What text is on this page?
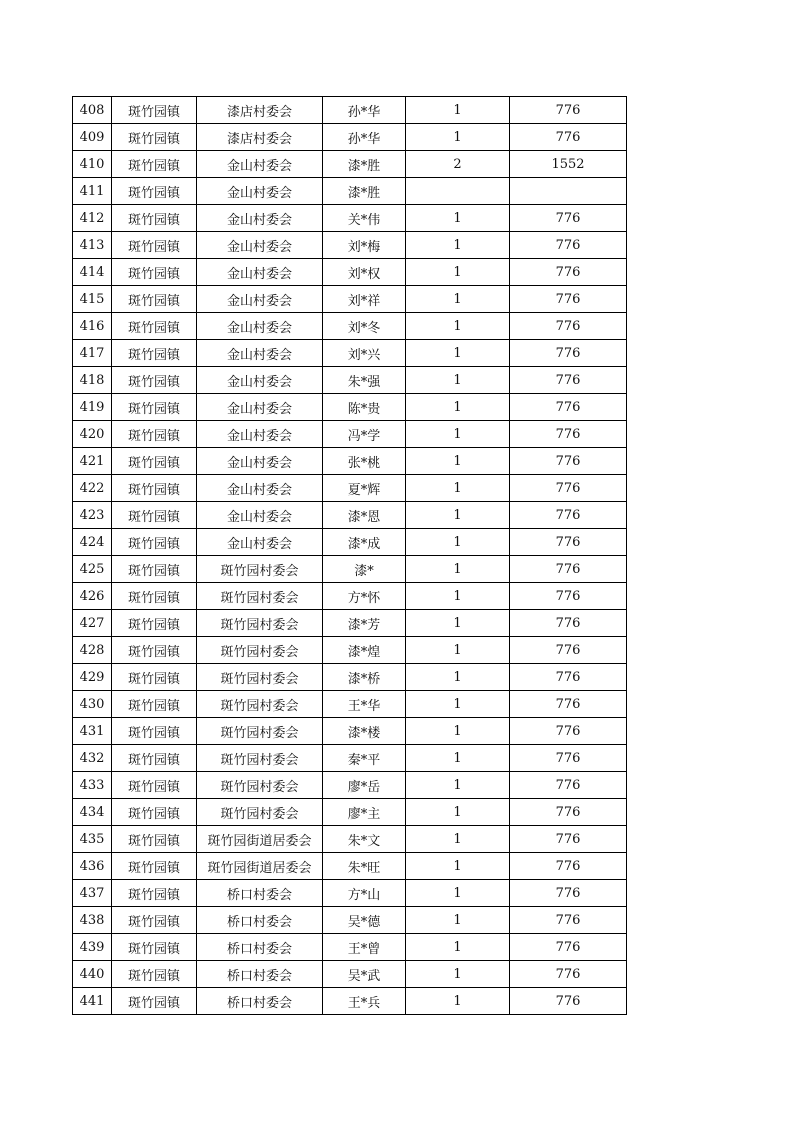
408	斑竹园镇	漆店村委会	孙*华	1	776
409	斑竹园镇	漆店村委会	孙*华	1	776
410	斑竹园镇	金山村委会	漆*胜	2	1552
411	斑竹园镇	金山村委会	漆*胜		
412	斑竹园镇	金山村委会	关*伟	1	776
413	斑竹园镇	金山村委会	刘*梅	1	776
414	斑竹园镇	金山村委会	刘*权	1	776
415	斑竹园镇	金山村委会	刘*祥	1	776
416	斑竹园镇	金山村委会	刘*冬	1	776
417	斑竹园镇	金山村委会	刘*兴	1	776
418	斑竹园镇	金山村委会	朱*强	1	776
419	斑竹园镇	金山村委会	陈*贵	1	776
420	斑竹园镇	金山村委会	冯*学	1	776
421	斑竹园镇	金山村委会	张*桃	1	776
422	斑竹园镇	金山村委会	夏*辉	1	776
423	斑竹园镇	金山村委会	漆*恩	1	776
424	斑竹园镇	金山村委会	漆*成	1	776
425	斑竹园镇	斑竹园村委会	漆*	1	776
426	斑竹园镇	斑竹园村委会	方*怀	1	776
427	斑竹园镇	斑竹园村委会	漆*芳	1	776
428	斑竹园镇	斑竹园村委会	漆*煌	1	776
429	斑竹园镇	斑竹园村委会	漆*桥	1	776
430	斑竹园镇	斑竹园村委会	王*华	1	776
431	斑竹园镇	斑竹园村委会	漆*楼	1	776
432	斑竹园镇	斑竹园村委会	秦*平	1	776
433	斑竹园镇	斑竹园村委会	廖*岳	1	776
434	斑竹园镇	斑竹园村委会	廖*主	1	776
435	斑竹园镇	斑竹园街道居委会	朱*文	1	776
436	斑竹园镇	斑竹园街道居委会	朱*旺	1	776
437	斑竹园镇	桥口村委会	方*山	1	776
438	斑竹园镇	桥口村委会	吴*德	1	776
439	斑竹园镇	桥口村委会	王*曾	1	776
440	斑竹园镇	桥口村委会	吴*武	1	776
441	斑竹园镇	桥口村委会	王*兵	1	776
